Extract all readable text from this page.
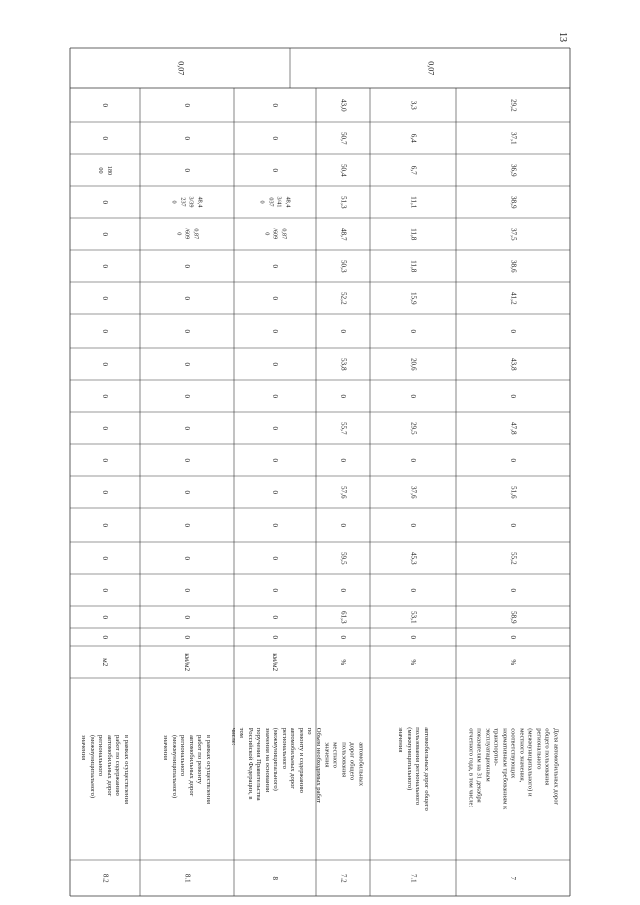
13
0,07
0,07
7
Доля автомобильных дорог
общего пользования
регионального
(межмуниципального) и
местного значения,
соответствующих
нормативным требованиям к
транспортно-
эксплуатационным
показателям на 31 декабря
отчетного года, в том числе:
%
29,2
37,1
36,9
38,9
37,5
38,6
41,2
0
43,8
0
47,8
0
51,6
0
55,2
0
58,9
0
7.1
автомобильных дорог общего
пользования регионального
(межмуниципального)
значения
%
3,3
6,4
6,7
11,1
11,8
11,8
15,9
0
20,6
0
29,5
0
37,6
0
45,3
0
53,1
0
7.2
автомобильных дорог общего
пользования местного
значения
%
43,0
50,7
50,4
51,3
48,7
50,3
52,2
0
53,8
0
55,7
0
57,6
0
59,5
0
61,3
0
8
Объем необходимых работ по
ремонту и содержанию
автомобильных дорог
регионального
(межмуниципального)
значения на основании
поручения Правительства
Российской Федерации, в том
числе:
км/м2
0
0
0
48,4
3/41
037
0
0,87
/609
0
0
0
0
0
0
0
0
0
0
0
0
0
0
8.1
в рамках осуществления
работ по ремонту
автомобильных дорог
регионального
(межмуниципального)
значения
км/м2
0
0
0
48,4
3/39
237
0
0,87
/609
0
0
0
0
0
0
0
0
0
0
0
0
0
0
8.2
в рамках осуществления
работ по содержанию
автомобильных дорог
регионального
(межмуниципального)
значения
м2
0
0
180
00
0
0
0
0
0
0
0
0
0
0
0
0
0
0
0
